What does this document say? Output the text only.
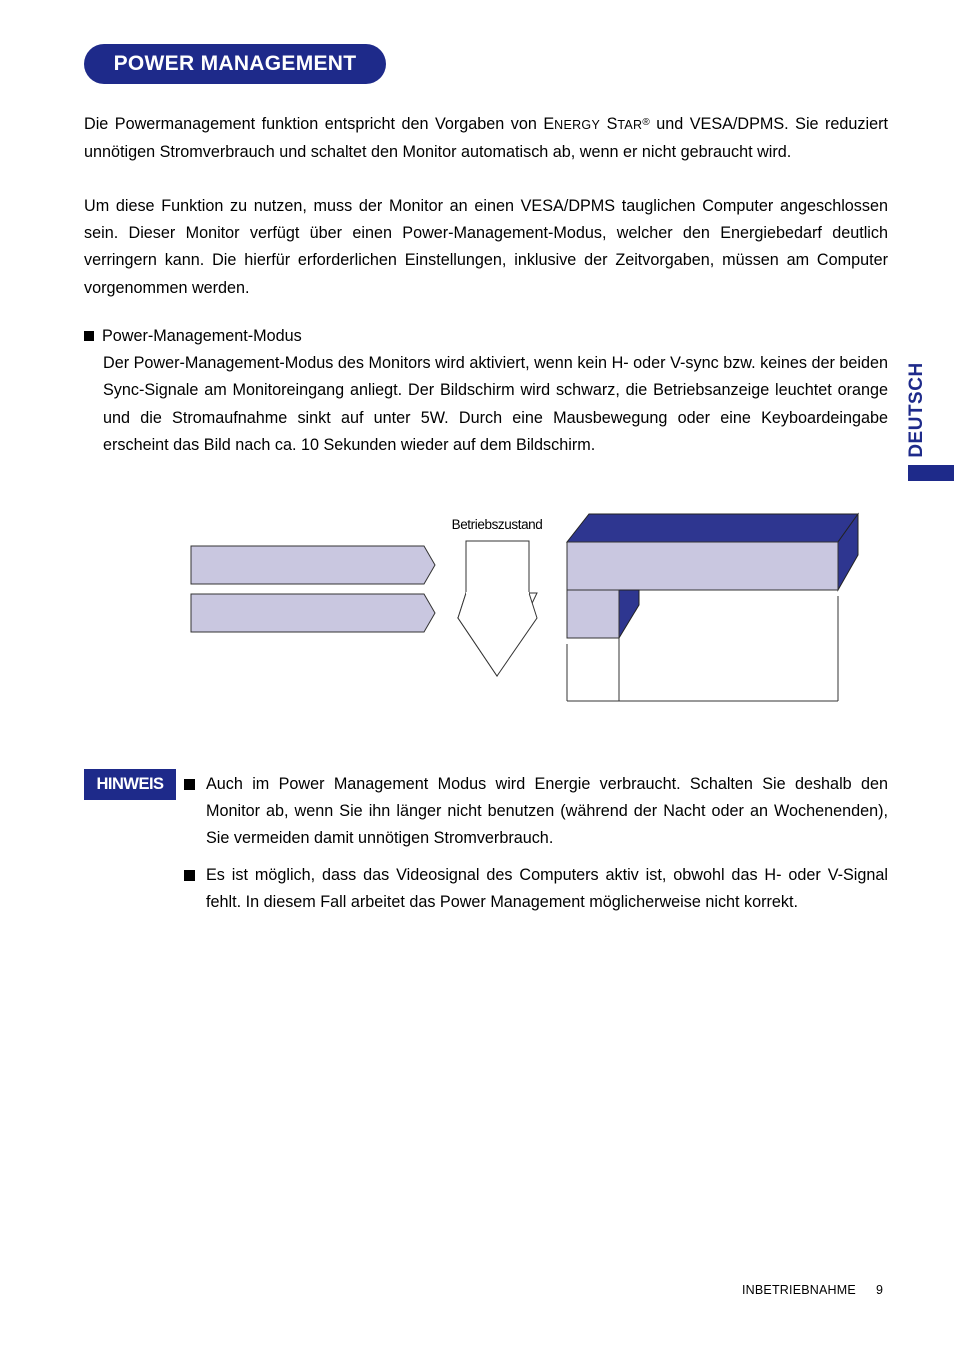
POWER MANAGEMENT

Die Powermanagement funktion entspricht den Vorgaben von ENERGY STAR® und VESA/DPMS. Sie reduziert unnötigen Stromverbrauch und schaltet den Monitor automatisch ab, wenn er nicht gebraucht wird.

Um diese Funktion zu nutzen, muss der Monitor an einen VESA/DPMS tauglichen Computer angeschlossen sein. Dieser Monitor verfügt über einen Power-Management-Modus, welcher den Energiebedarf deutlich verringern kann. Die hierfür erforderlichen Einstellungen, inklusive der Zeitvorgaben, müssen am Computer vorgenommen werden.

Power-Management-Modus

Der Power-Management-Modus des Monitors wird aktiviert, wenn kein H- oder V-sync bzw. keines der beiden Sync-Signale am Monitoreingang anliegt. Der Bildschirm wird schwarz, die Betriebsanzeige leuchtet orange und die Stromaufnahme sinkt auf unter 5W. Durch eine Mausbewegung oder eine Keyboardeingabe erscheint das Bild nach ca. 10 Sekunden wieder auf dem Bildschirm.	DEUTSCH
Betriebszustand
HINWEIS	Auch im Power Management Modus wird Energie verbraucht. Schalten Sie deshalb den Monitor ab, wenn Sie ihn länger nicht benutzen (während der Nacht oder an Wochenenden), Sie vermeiden damit unnötigen Stromverbrauch.

Es ist möglich, dass das Videosignal des Computers aktiv ist, obwohl das H- oder V-Signal fehlt. In diesem Fall arbeitet das Power Management möglicherweise nicht korrekt.

INBETRIEBNAHME 9
